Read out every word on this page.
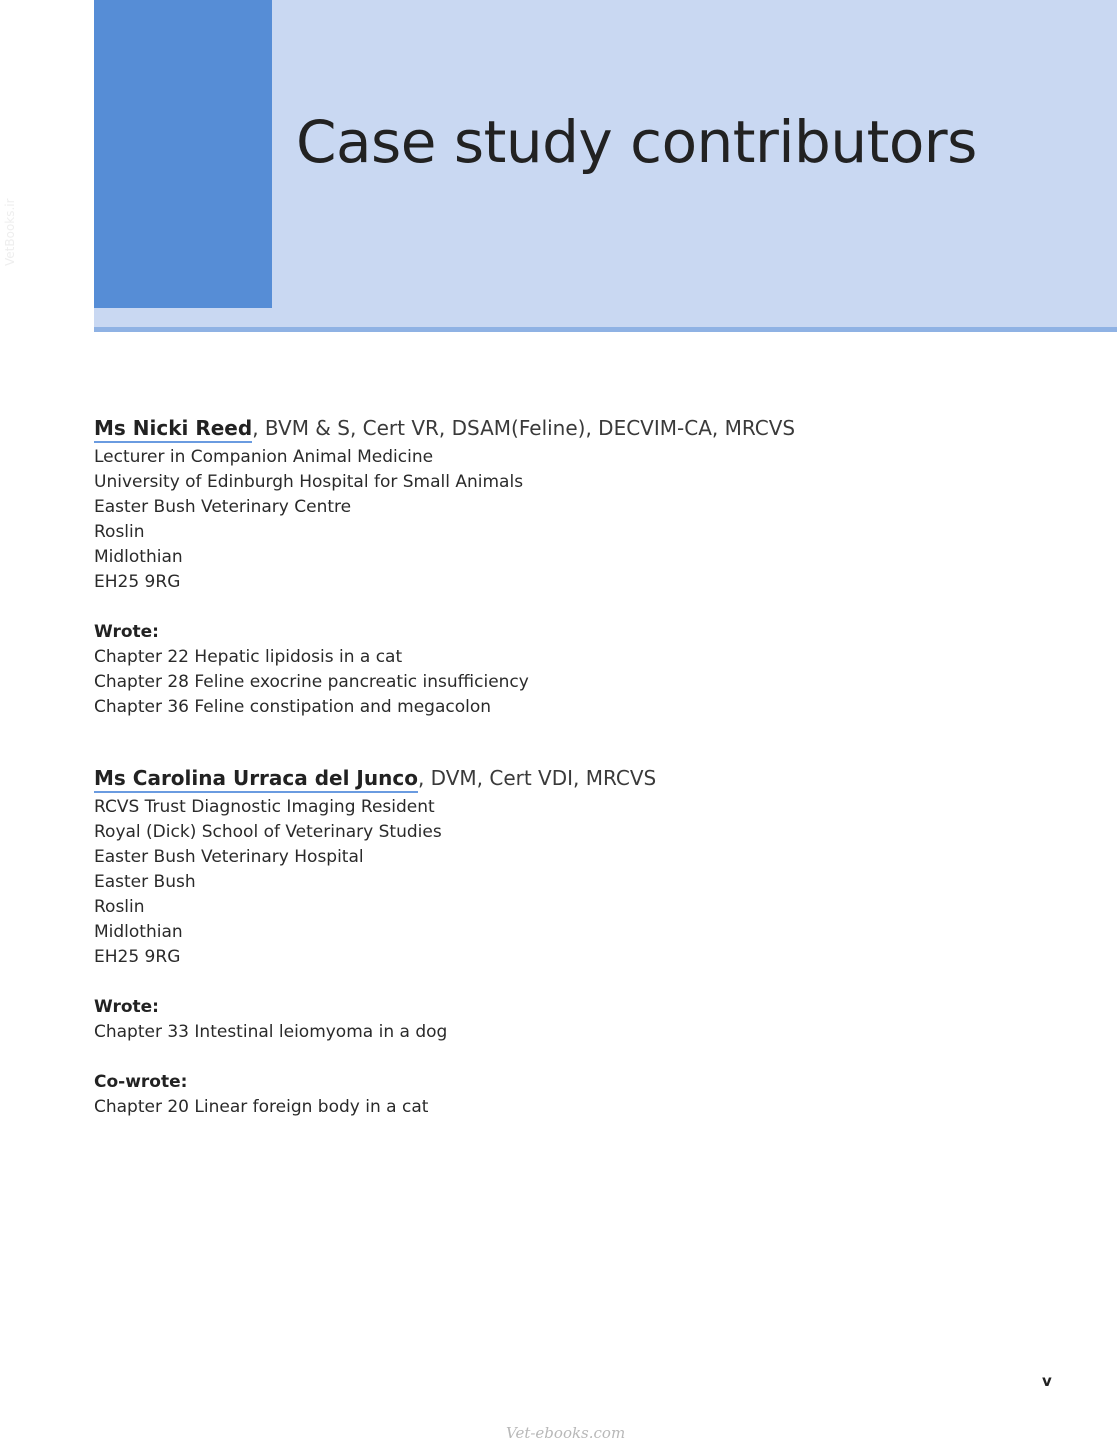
VetBooks.ir
Case study contributors

Ms Nicki Reed, BVM & S, Cert VR, DSAM(Feline), DECVIM-CA, MRCVS

Lecturer in Companion Animal Medicine

University of Edinburgh Hospital for Small Animals

Easter Bush Veterinary Centre

Roslin

Midlothian

EH25 9RG

Wrote:

Chapter 22 Hepatic lipidosis in a cat

Chapter 28 Feline exocrine pancreatic insufficiency

Chapter 36 Feline constipation and megacolon

Ms Carolina Urraca del Junco, DVM, Cert VDI, MRCVS

RCVS Trust Diagnostic Imaging Resident

Royal (Dick) School of Veterinary Studies

Easter Bush Veterinary Hospital

Easter Bush

Roslin

Midlothian

EH25 9RG

Wrote:

Chapter 33 Intestinal leiomyoma in a dog

Co-wrote:

Chapter 20 Linear foreign body in a cat

v
Vet-ebooks.com
